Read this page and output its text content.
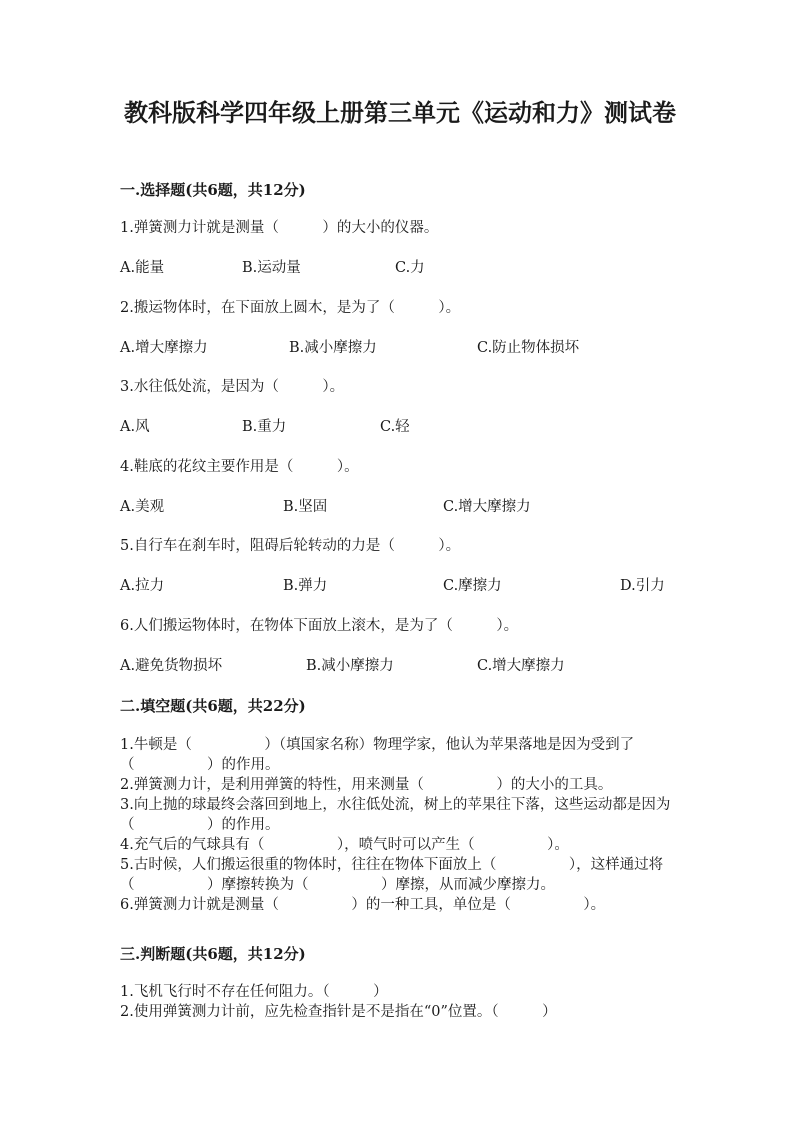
教科版科学四年级上册第三单元《运动和力》测试卷
一.选择题(共6题，共12分)
1.弹簧测力计就是测量（　　　）的大小的仪器。
A.能量	B.运动量	C.力
2.搬运物体时，在下面放上圆木，是为了（　　　）。
A.增大摩擦力	B.减小摩擦力	C.防止物体损坏
3.水往低处流，是因为（　　　）。
A.风	B.重力	C.轻
4.鞋底的花纹主要作用是（　　　）。
A.美观	B.坚固	C.增大摩擦力
5.自行车在刹车时，阻碍后轮转动的力是（　　　）。
A.拉力	B.弹力	C.摩擦力	D.引力
6.人们搬运物体时，在物体下面放上滚木，是为了（　　　）。
A.避免货物损坏	B.减小摩擦力	C.增大摩擦力
二.填空题(共6题，共22分)
1.牛顿是（　　　　　）（填国家名称）物理学家，他认为苹果落地是因为受到了（　　　　　）的作用。
2.弹簧测力计，是利用弹簧的特性，用来测量（　　　　　）的大小的工具。
3.向上抛的球最终会落回到地上，水往低处流，树上的苹果往下落，这些运动都是因为（　　　　　）的作用。
4.充气后的气球具有（　　　　　），喷气时可以产生（　　　　　）。
5.古时候，人们搬运很重的物体时，往往在物体下面放上（　　　　　），这样通过将（　　　　　）摩擦转换为（　　　　　）摩擦，从而减少摩擦力。
6.弹簧测力计就是测量（　　　　　）的一种工具，单位是（　　　　　）。
三.判断题(共6题，共12分)
1.飞机飞行时不存在任何阻力。（　　　）
2.使用弹簧测力计前，应先检查指针是不是指在“0”位置。（　　　）
